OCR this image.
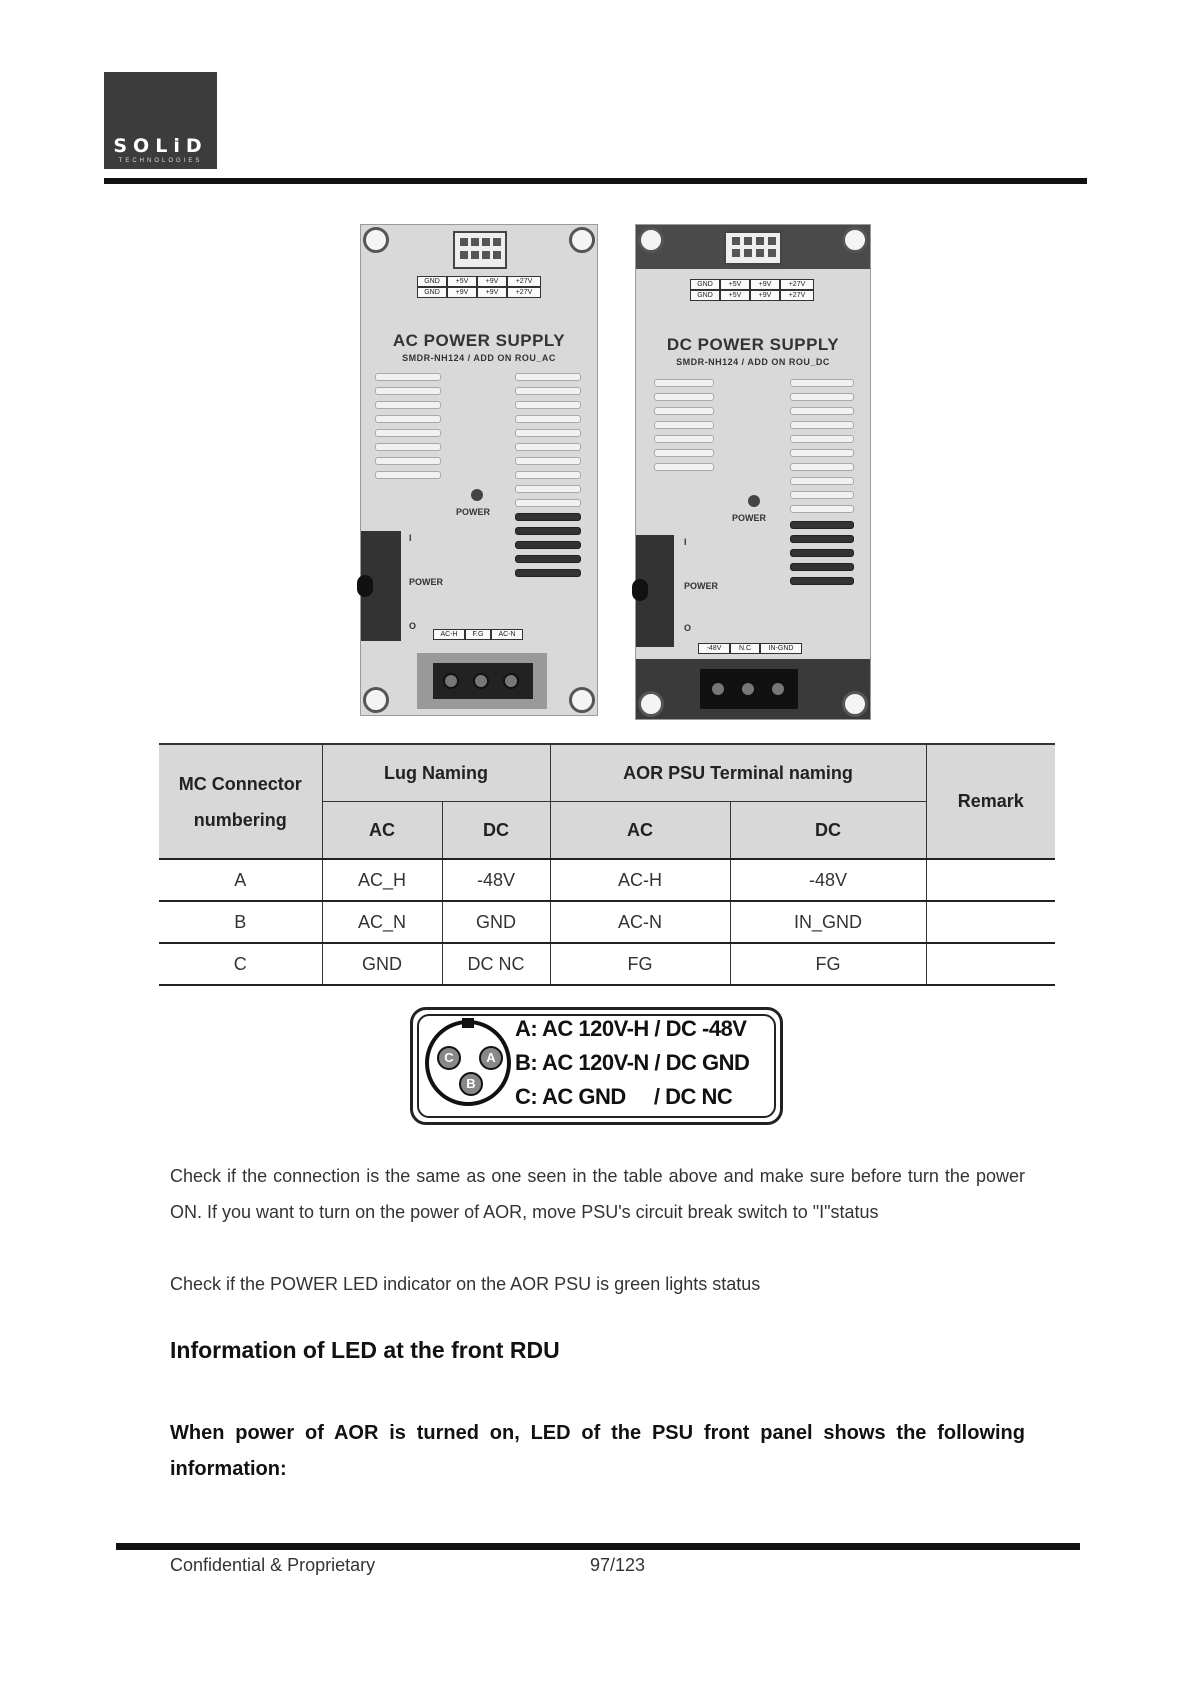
SOLiD
TECHNOLOGIES
GND	+5V	+9V	+27V
GND	+9V	+9V	+27V
AC POWER SUPPLY
SMDR-NH124 / ADD ON ROU_AC
POWER
I
POWER
O
AC-H	F.G	AC-N
GND	+5V	+9V	+27V
GND	+5V	+9V	+27V
DC POWER SUPPLY
SMDR-NH124 / ADD ON ROU_DC
POWER
I
POWER
O
-48V	N.C	IN-GND
MC Connector numbering	Lug Naming		AOR PSU Terminal naming		Remark
	AC	DC	AC	DC	
A	AC_H	-48V	AC-H	-48V	
B	AC_N	GND	AC-N	IN_GND	
C	GND	DC NC	FG	FG	
A
B
C
A: AC 120V-H / DC -48V
B: AC 120V-N / DC GND
C: AC GND     / DC NC
Check if the connection is the same as one seen in the table above and make sure before turn the power ON. If you want to turn on the power of AOR, move PSU's circuit break switch to "I"status
Check if the POWER LED indicator on the AOR PSU is green lights status
Information of LED at the front RDU
When power of AOR is turned on, LED of the PSU front panel shows the following information:
Confidential & Proprietary	97/123
